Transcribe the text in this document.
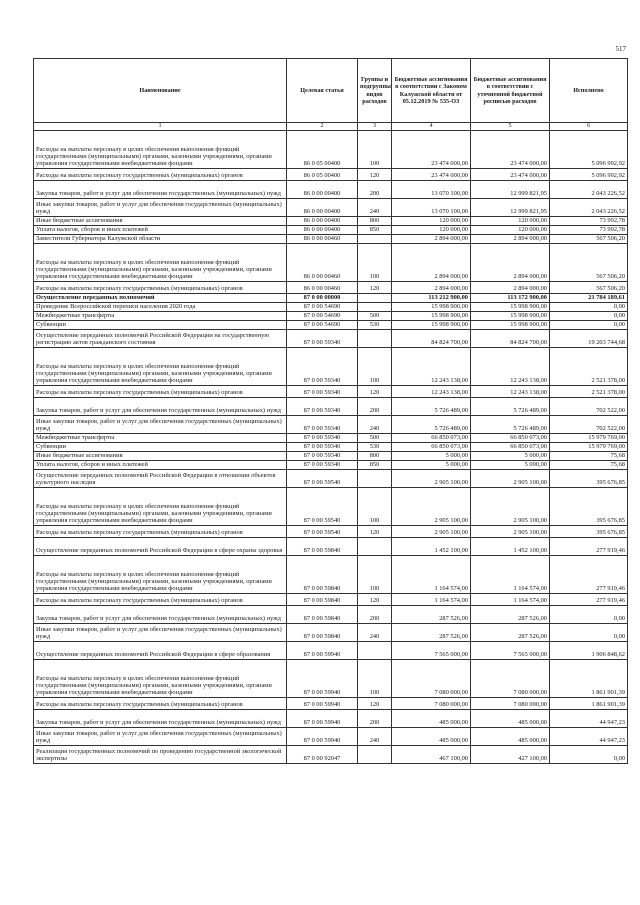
517
Наименование	Целевая статья	Группы и подгруппы видов расходов	Бюджетные ассигнования в соответствии с Законом Калужской области от 05.12.2019 № 535-ОЗ	Бюджетные ассигнования в соответствии с уточненной бюджетной росписью расходов	Исполнено
1	2	3	4	5	6
Расходы на выплаты персоналу в целях обеспечения выполнения функций государственными (муниципальными) органами, казенными учреждениями, органами управления государственными внебюджетными фондами	86 0 05 00400	100	23 474 000,00	23 474 000,00	5 096 992,92
Расходы на выплаты персоналу государственных (муниципальных) органов	86 0 05 00400	120	23 474 000,00	23 474 000,00	5 096 992,92
Закупка товаров, работ и услуг для обеспечения государственных (муниципальных) нужд	86 0 00 00400	200	13 070 100,00	12 999 821,95	2 043 226,52
Иные закупки товаров, работ и услуг для обеспечения государственных (муниципальных) нужд	86 0 00 00400	240	13 070 100,00	12 999 821,95	2 043 226,52
Иные бюджетные ассигнования	86 0 00 00400	800	120 000,00	120 000,00	73 992,78
Уплата налогов, сборов и иных платежей	86 0 00 00400	850	120 000,00	120 000,00	73 992,78
Заместители Губернатора Калужской области	86 0 00 00460		2 894 000,00	2 894 000,00	567 506,20
Расходы на выплаты персоналу в целях обеспечения выполнения функций государственными (муниципальными) органами, казенными учреждениями, органами управления государственными внебюджетными фондами	86 0 00 00460	100	2 894 000,00	2 894 000,00	567 506,20
Расходы на выплаты персоналу государственных (муниципальных) органов	86 0 00 00460	120	2 894 000,00	2 894 000,00	567 506,20
Осуществление переданных полномочий	87 0 00 00000		113 212 900,00	113 172 900,00	21 784 189,61
Проведение Всероссийской переписи населения 2020 года	87 0 00 54690		15 998 900,00	15 998 900,00	0,00
Межбюджетные трансферты	87 0 00 54690	500	15 998 900,00	15 998 900,00	0,00
Субвенции	87 0 00 54690	530	15 998 900,00	15 998 900,00	0,00
Осуществление переданных полномочий Российской Федерации на государственную регистрацию актов гражданского состояния	87 0 00 59340		84 824 700,00	84 824 700,00	19 203 744,68
Расходы на выплаты персоналу в целях обеспечения выполнения функций государственными (муниципальными) органами, казенными учреждениями, органами управления государственными внебюджетными фондами	87 0 00 59340	100	12 243 138,00	12 243 138,00	2 521 378,00
Расходы на выплаты персоналу государственных (муниципальных) органов	87 0 00 59340	120	12 243 138,00	12 243 138,00	2 521 378,00
Закупка товаров, работ и услуг для обеспечения государственных (муниципальных) нужд	87 0 00 59340	200	5 726 489,00	5 726 489,00	702 522,00
Иные закупки товаров, работ и услуг для обеспечения государственных (муниципальных) нужд	87 0 00 59340	240	5 726 489,00	5 726 489,00	702 522,00
Межбюджетные трансферты	87 0 00 59340	500	66 850 073,00	66 850 073,00	15 979 769,00
Субвенции	87 0 00 59340	530	66 850 073,00	66 850 073,00	15 979 769,00
Иные бюджетные ассигнования	87 0 00 59340	800	5 000,00	5 000,00	75,68
Уплата налогов, сборов и иных платежей	87 0 00 59340	850	5 000,00	5 000,00	75,68
Осуществление переданных полномочий Российской Федерации в отношении объектов культурного наследия	87 0 00 59540		2 905 100,00	2 905 100,00	395 676,85
Расходы на выплаты персоналу в целях обеспечения выполнения функций государственными (муниципальными) органами, казенными учреждениями, органами управления государственными внебюджетными фондами	87 0 00 59540	100	2 905 100,00	2 905 100,00	395 676,85
Расходы на выплаты персоналу государственных (муниципальных) органов	87 0 00 59540	120	2 905 100,00	2 905 100,00	395 676,85
Осуществление переданных полномочий Российской Федерации в сфере охраны здоровья	87 0 00 59840		1 452 100,00	1 452 100,00	277 919,46
Расходы на выплаты персоналу в целях обеспечения выполнения функций государственными (муниципальными) органами, казенными учреждениями, органами управления государственными внебюджетными фондами	87 0 00 59840	100	1 164 574,00	1 164 574,00	277 919,46
Расходы на выплаты персоналу государственных (муниципальных) органов	87 0 00 59840	120	1 164 574,00	1 164 574,00	277 919,46
Закупка товаров, работ и услуг для обеспечения государственных (муниципальных) нужд	87 0 00 59840	200	287 526,00	287 526,00	0,00
Иные закупки товаров, работ и услуг для обеспечения государственных (муниципальных) нужд	87 0 00 59840	240	287 526,00	287 526,00	0,00
Осуществление переданных полномочий Российской Федерации в сфере образования	87 0 00 59940		7 565 000,00	7 565 000,00	1 906 848,62
Расходы на выплаты персоналу в целях обеспечения выполнения функций государственными (муниципальными) органами, казенными учреждениями, органами управления государственными внебюджетными фондами	87 0 00 59940	100	7 080 000,00	7 080 000,00	1 861 901,39
Расходы на выплаты персоналу государственных (муниципальных) органов	87 0 00 59940	120	7 080 000,00	7 080 000,00	1 861 901,39
Закупка товаров, работ и услуг для обеспечения государственных (муниципальных) нужд	87 0 00 59940	200	485 000,00	485 000,00	44 947,23
Иные закупки товаров, работ и услуг для обеспечения государственных (муниципальных) нужд	87 0 00 59940	240	485 000,00	485 000,00	44 947,23
Реализация государственных полномочий по проведению государственной экологической экспертизы	87 0 00 92047		467 100,00	427 100,00	0,00
